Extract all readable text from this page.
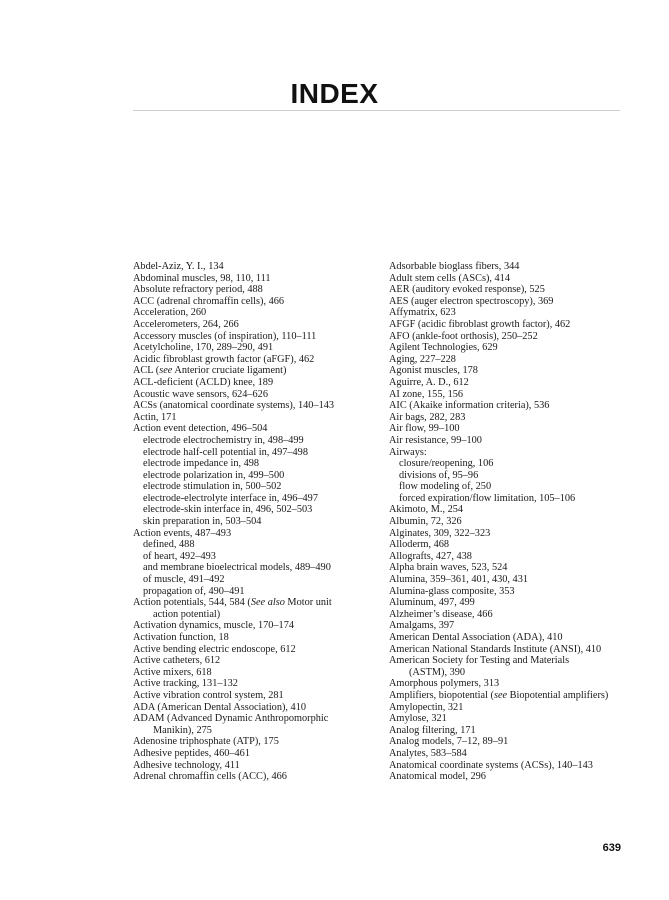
INDEX
Abdel-Aziz, Y. I., 134
Abdominal muscles, 98, 110, 111
Absolute refractory period, 488
ACC (adrenal chromaffin cells), 466
Acceleration, 260
Accelerometers, 264, 266
Accessory muscles (of inspiration), 110–111
Acetylcholine, 170, 289–290, 491
Acidic fibroblast growth factor (aFGF), 462
ACL (see Anterior cruciate ligament)
ACL-deficient (ACLD) knee, 189
Acoustic wave sensors, 624–626
ACSs (anatomical coordinate systems), 140–143
Actin, 171
Action event detection, 496–504
electrode electrochemistry in, 498–499
electrode half-cell potential in, 497–498
electrode impedance in, 498
electrode polarization in, 499–500
electrode stimulation in, 500–502
electrode-electrolyte interface in, 496–497
electrode-skin interface in, 496, 502–503
skin preparation in, 503–504
Action events, 487–493
defined, 488
of heart, 492–493
and membrane bioelectrical models, 489–490
of muscle, 491–492
propagation of, 490–491
Action potentials, 544, 584 (See also Motor unit
action potential)
Activation dynamics, muscle, 170–174
Activation function, 18
Active bending electric endoscope, 612
Active catheters, 612
Active mixers, 618
Active tracking, 131–132
Active vibration control system, 281
ADA (American Dental Association), 410
ADAM (Advanced Dynamic Anthropomorphic
Manikin), 275
Adenosine triphosphate (ATP), 175
Adhesive peptides, 460–461
Adhesive technology, 411
Adrenal chromaffin cells (ACC), 466
Adsorbable bioglass fibers, 344
Adult stem cells (ASCs), 414
AER (auditory evoked response), 525
AES (auger electron spectroscopy), 369
Affymatrix, 623
AFGF (acidic fibroblast growth factor), 462
AFO (ankle-foot orthosis), 250–252
Agilent Technologies, 629
Aging, 227–228
Agonist muscles, 178
Aguirre, A. D., 612
AI zone, 155, 156
AIC (Akaike information criteria), 536
Air bags, 282, 283
Air flow, 99–100
Air resistance, 99–100
Airways:
closure/reopening, 106
divisions of, 95–96
flow modeling of, 250
forced expiration/flow limitation, 105–106
Akimoto, M., 254
Albumin, 72, 326
Alginates, 309, 322–323
Alloderm, 468
Allografts, 427, 438
Alpha brain waves, 523, 524
Alumina, 359–361, 401, 430, 431
Alumina-glass composite, 353
Aluminum, 497, 499
Alzheimer’s disease, 466
Amalgams, 397
American Dental Association (ADA), 410
American National Standards Institute (ANSI), 410
American Society for Testing and Materials
(ASTM), 390
Amorphous polymers, 313
Amplifiers, biopotential (see Biopotential amplifiers)
Amylopectin, 321
Amylose, 321
Analog filtering, 171
Analog models, 7–12, 89–91
Analytes, 583–584
Anatomical coordinate systems (ACSs), 140–143
Anatomical model, 296

639
